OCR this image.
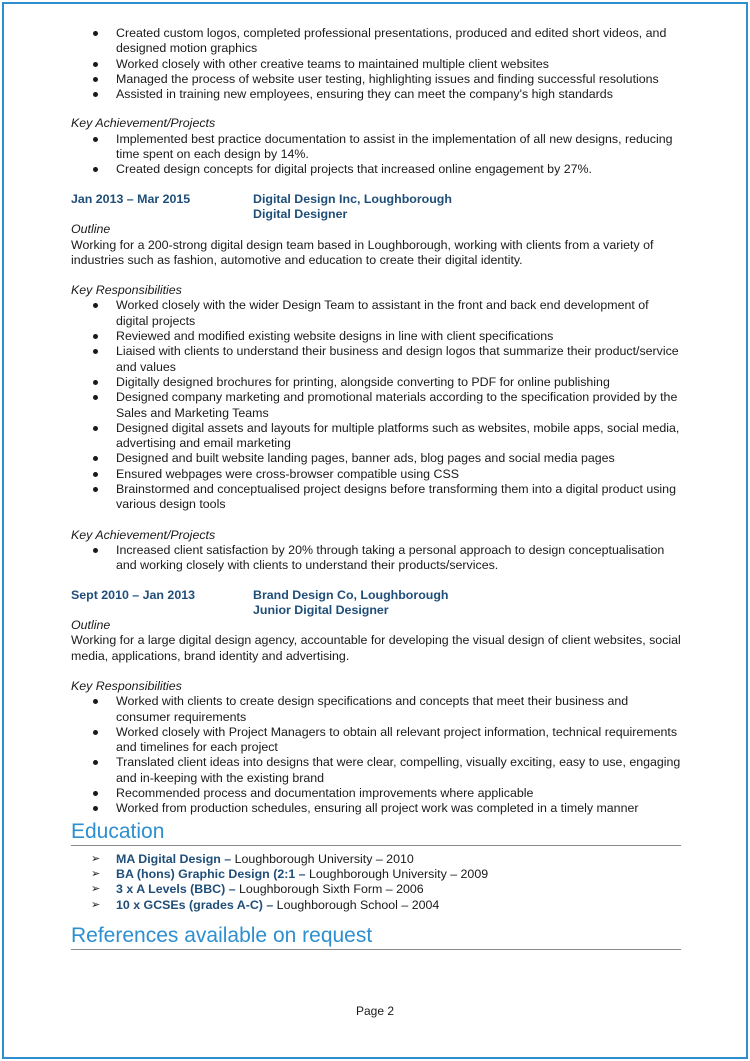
Created custom logos, completed professional presentations, produced and edited short videos, and designed motion graphics
Worked closely with other creative teams to maintained multiple client websites
Managed the process of website user testing, highlighting issues and finding successful resolutions
Assisted in training new employees, ensuring they can meet the company's high standards
Key Achievement/Projects
Implemented best practice documentation to assist in the implementation of all new designs, reducing time spent on each design by 14%.
Created design concepts for digital projects that increased online engagement by 27%.
Jan 2013 – Mar 2015	Digital Design Inc, Loughborough
Digital Designer
Outline
Working for a 200-strong digital design team based in Loughborough, working with clients from a variety of industries such as fashion, automotive and education to create their digital identity.
Key Responsibilities
Worked closely with the wider Design Team to assistant in the front and back end development of digital projects
Reviewed and modified existing website designs in line with client specifications
Liaised with clients to understand their business and design logos that summarize their product/service and values
Digitally designed brochures for printing, alongside converting to PDF for online publishing
Designed company marketing and promotional materials according to the specification provided by the Sales and Marketing Teams
Designed digital assets and layouts for multiple platforms such as websites, mobile apps, social media, advertising and email marketing
Designed and built website landing pages, banner ads, blog pages and social media pages
Ensured webpages were cross-browser compatible using CSS
Brainstormed and conceptualised project designs before transforming them into a digital product using various design tools
Key Achievement/Projects
Increased client satisfaction by 20% through taking a personal approach to design conceptualisation and working closely with clients to understand their products/services.
Sept 2010 – Jan 2013	Brand Design Co, Loughborough
Junior Digital Designer
Outline
Working for a large digital design agency, accountable for developing the visual design of client websites, social media, applications, brand identity and advertising.
Key Responsibilities
Worked with clients to create design specifications and concepts that meet their business and consumer requirements
Worked closely with Project Managers to obtain all relevant project information, technical requirements and timelines for each project
Translated client ideas into designs that were clear, compelling, visually exciting, easy to use, engaging and in-keeping with the existing brand
Recommended process and documentation improvements where applicable
Worked from production schedules, ensuring all project work was completed in a timely manner
Education
➢ MA Digital Design – Loughborough University – 2010
➢ BA (hons) Graphic Design (2:1 – Loughborough University – 2009
➢ 3 x A Levels (BBC) – Loughborough Sixth Form – 2006
➢ 10 x GCSEs (grades A-C) – Loughborough School – 2004
References available on request
Page 2
